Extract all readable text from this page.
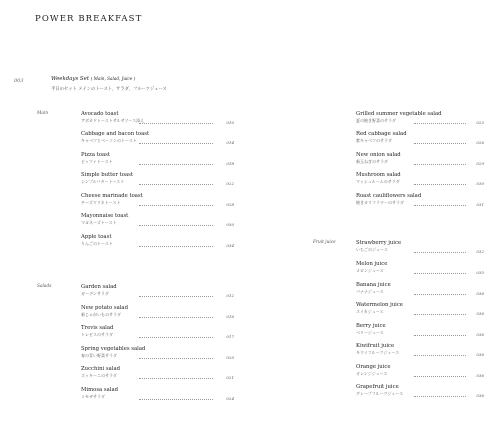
POWER BREAKFAST
003	Weekdays Set ( Main, Salad, Juice )
平日のセット メインのトースト、サラダ、フルーツジュース
Main
Salads
Fruit juice
Avocado toast
アボカドトーストサルサソース添え	010
Cabbage and bacon toast
キャベツとベーコンのトースト	014
Pizza toast
ピッツァトースト	018
Simple butter toast
シンプルバタートースト	022
Cheese marinade toast
チーズマリネトースト	028
Mayonnaise toast
マヨネーズトースト	030
Apple toast
りんごのトースト	034
Garden salad
ガーデンサラダ	012
New potato salad
新じゃがいものサラダ	016
Trevis salad
トレビスのサラダ	017
Spring vegetables salad
春の青い野菜サラダ	020
Zucchini salad
ズッキーニのサラダ	021
Mimosa salad
ミモザサラダ	024
Grilled summer vegetable salad
夏の焼き野菜のサラダ	025
Red cabbage salad
紫キャベツのサラダ	026
New onion salad
新玉ねぎのサラダ	029
Mushroom salad
マッシュルームのサラダ	030
Roast cauliflowers salad
焼きカリフラワーのサラダ	031
Strawberry juice
いちごのジュース	032
Melon juice
メロンジュース	035
Banana juice
バナナジュース	036
Watermelon juice
スイカジュース	036
Berry juice
ベリージュース	036
Kiwifruit juice
キウイフルーツジュース	036
Orange juice
オレンジジュース	036
Grapefruit juice
グレープフルーツジュース	036
